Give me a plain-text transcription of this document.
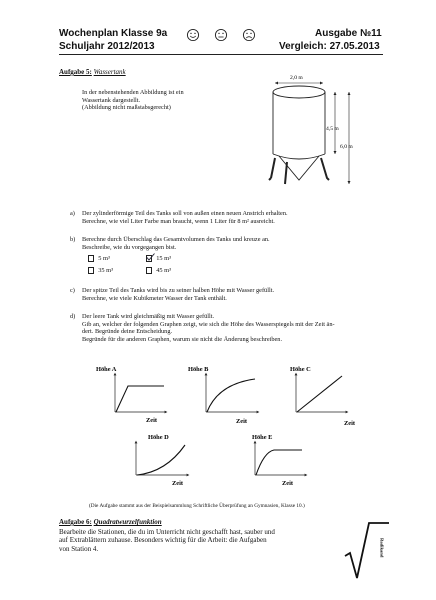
Wochenplan Klasse 9a
Schuljahr 2012/2013
Ausgabe №11
Vergleich: 27.05.2013
Aufgabe 5: Wassertank
In der nebenstehenden Abbildung ist ein
Wassertank dargestellt.
(Abbildung nicht maßstabsgerecht)
2,0 m
4,5 m
6,0 m
a) Der zylinderförmige Teil des Tanks soll von außen einen neuen Anstrich erhalten.
Berechne, wie viel Liter Farbe man braucht, wenn 1 Liter für 8 m² ausreicht.
b) Berechne durch Überschlag das Gesamtvolumen des Tanks und kreuze an.
Beschreibe, wie du vorgegangen bist.
5 m³
35 m³
15 m³
45 m³
c) Der spitze Teil des Tanks wird bis zu seiner halben Höhe mit Wasser gefüllt.
Berechne, wie viele Kubikmeter Wasser der Tank enthält.
d) Der leere Tank wird gleichmäßig mit Wasser gefüllt.
Gib an, welcher der folgenden Graphen zeigt, wie sich die Höhe des Wasserspiegels mit der Zeit än-
dert. Begründe deine Entscheidung.
Begründe für die anderen Graphen, warum sie nicht die Änderung beschreiben.
Höhe A
Zeit
Höhe B
Zeit
Höhe C
Zeit
Höhe D
Zeit
Höhe E
Zeit
(Die Aufgabe stammt aus der Beispielsammlung Schriftliche Überprüfung an Gymnasien, Klasse 10.)
Aufgabe 6: Quadratwurzelfunktion
Bearbeite die Stationen, die du im Unterricht nicht geschafft hast, sauber und
auf Extrablättern zuhause. Besonders wichtig für die Arbeit: die Aufgaben
von Station 4.	Radikand
